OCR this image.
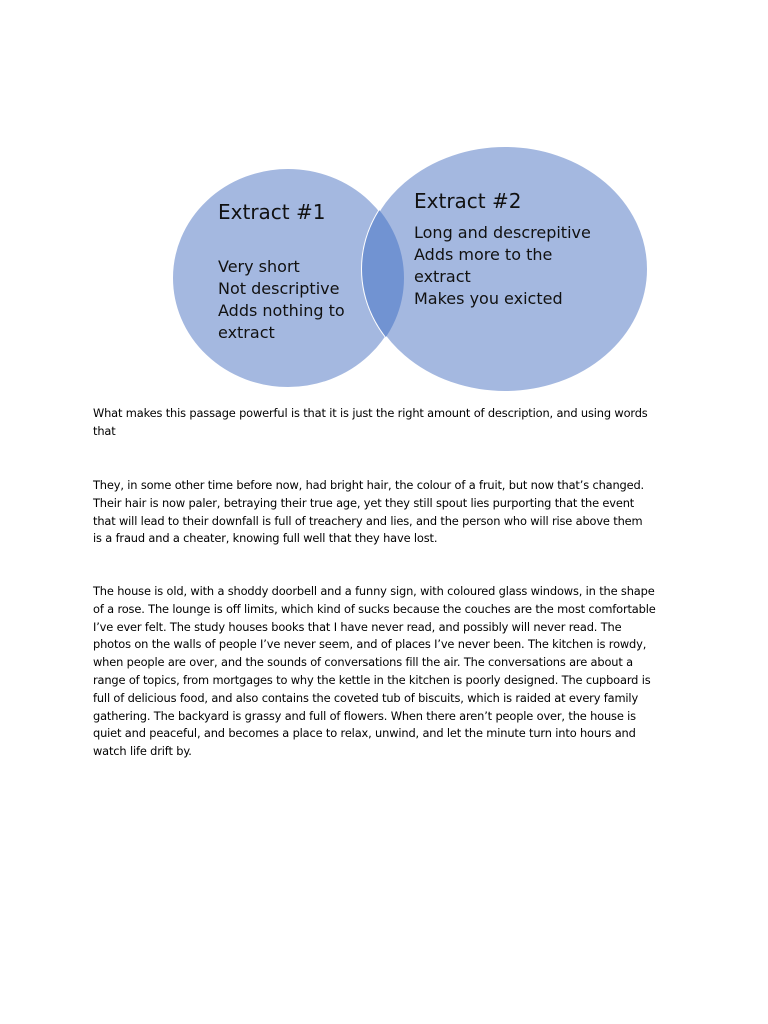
Extract #1
Very short
Not descriptive
Adds nothing to
extract
Extract #2
Long and descrepitive
Adds more to the
extract
Makes you exicted
What makes this passage powerful is that it is just the right amount of description, and using words
that
They, in some other time before now, had bright hair, the colour of a fruit, but now that’s changed.
Their hair is now paler, betraying their true age, yet they still spout lies purporting that the event
that will lead to their downfall is full of treachery and lies, and the person who will rise above them
is a fraud and a cheater, knowing full well that they have lost.
The house is old, with a shoddy doorbell and a funny sign, with coloured glass windows, in the shape
of a rose. The lounge is off limits, which kind of sucks because the couches are the most comfortable
I’ve ever felt. The study houses books that I have never read, and possibly will never read. The
photos on the walls of people I’ve never seem, and of places I’ve never been. The kitchen is rowdy,
when people are over, and the sounds of conversations fill the air. The conversations are about a
range of topics, from mortgages to why the kettle in the kitchen is poorly designed. The cupboard is
full of delicious food, and also contains the coveted tub of biscuits, which is raided at every family
gathering. The backyard is grassy and full of flowers. When there aren’t people over, the house is
quiet and peaceful, and becomes a place to relax, unwind, and let the minute turn into hours and
watch life drift by.
